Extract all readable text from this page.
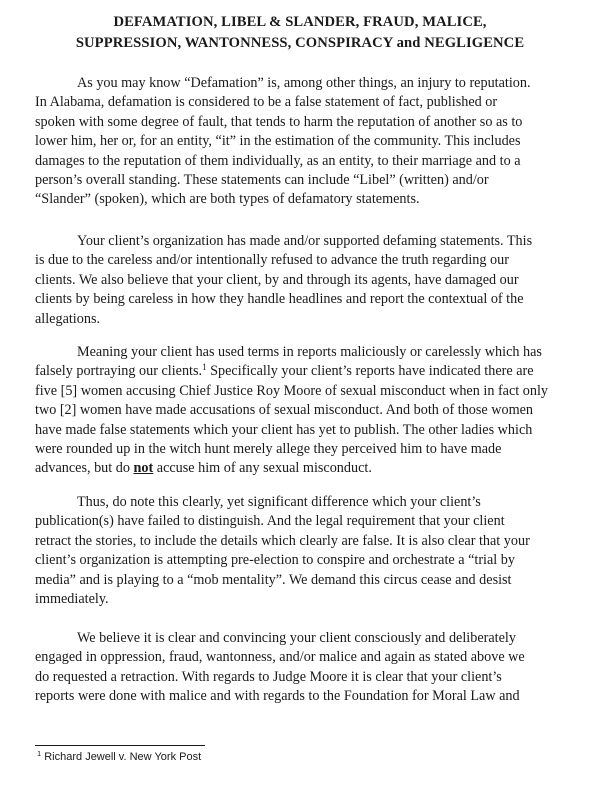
DEFAMATION, LIBEL & SLANDER, FRAUD, MALICE,
SUPPRESSION, WANTONNESS, CONSPIRACY and NEGLIGENCE
As you may know “Defamation” is, among other things, an injury to reputation.
In Alabama, defamation is considered to be a false statement of fact, published or
spoken with some degree of fault, that tends to harm the reputation of another so as to
lower him, her or, for an entity, “it” in the estimation of the community. This includes
damages to the reputation of them individually, as an entity, to their marriage and to a
person’s overall standing. These statements can include “Libel” (written) and/or
“Slander” (spoken), which are both types of defamatory statements.
Your client’s organization has made and/or supported defaming statements. This
is due to the careless and/or intentionally refused to advance the truth regarding our
clients. We also believe that your client, by and through its agents, have damaged our
clients by being careless in how they handle headlines and report the contextual of the
allegations.
Meaning your client has used terms in reports maliciously or carelessly which has
falsely portraying our clients.$^1$ Specifically your client’s reports have indicated there are
five [5] women accusing Chief Justice Roy Moore of sexual misconduct when in fact only
two [2] women have made accusations of sexual misconduct. And both of those women
have made false statements which your client has yet to publish. The other ladies which
were rounded up in the witch hunt merely allege they perceived him to have made
advances, but do not accuse him of any sexual misconduct.
Thus, do note this clearly, yet significant difference which your client’s
publication(s) have failed to distinguish. And the legal requirement that your client
retract the stories, to include the details which clearly are false. It is also clear that your
client’s organization is attempting pre-election to conspire and orchestrate a “trial by
media” and is playing to a “mob mentality”. We demand this circus cease and desist
immediately.
We believe it is clear and convincing your client consciously and deliberately
engaged in oppression, fraud, wantonness, and/or malice and again as stated above we
do requested a retraction. With regards to Judge Moore it is clear that your client’s
reports were done with malice and with regards to the Foundation for Moral Law and
$^1$ Richard Jewell v. New York Post
